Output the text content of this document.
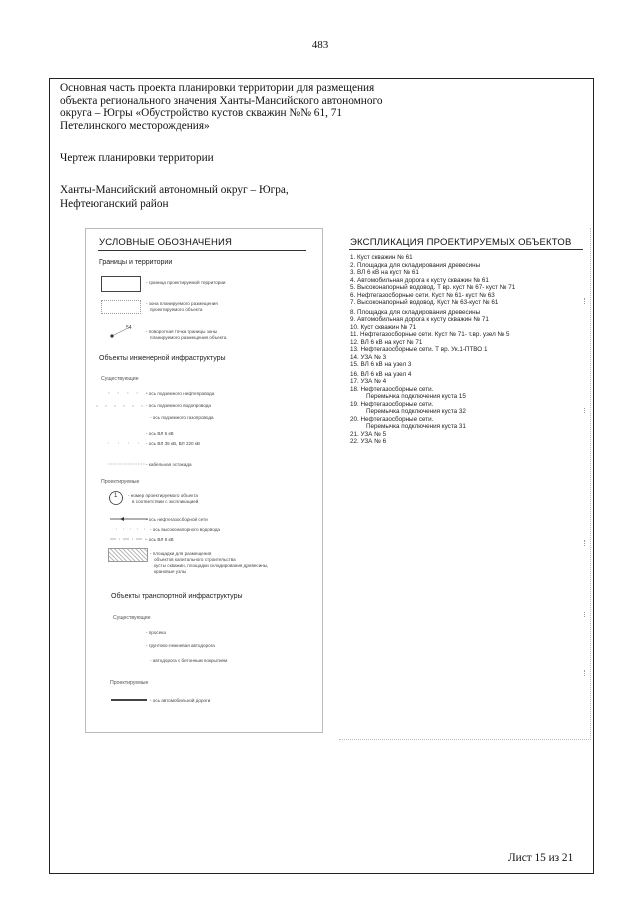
483
Основная часть проекта планировки территории для размещения
объекта регионального значения Ханты-Мансийского автономного
округа – Югры «Обустройство кустов скважин №№ 61, 71
Петелинского месторождения»
Чертеж планировки территории
Ханты-Мансийский автономный округ – Югра,
Нефтеюганский район
УСЛОВНЫЕ ОБОЗНАЧЕНИЯ
Границы и территории
- граница проектируемой территории
- зона планируемого размещения
проектируемого объекта
54
- поворотная точка границы зоны
планируемого размещения объекта
Объекты инженерной инфраструктуры
Существующие
- ось подземного нефтепровода
- ось подземного водопровода
- ось подземного газопровода
- ось ВЛ 6 кВ
- ось ВЛ 35 кВ, ВЛ 220 кВ
- кабельная эстакада
Проектируемые
1 - номер проектируемого объекта
в соответствии с экспликацией
- ось нефтегазосборной сети
- ось высоконапорного водовода
- ось ВЛ 6 кВ
- площадки для размещения
объектов капитального строительства
кусты скважин, площадки складирования древесины,
крановые узлы
Объекты транспортной инфраструктуры
Существующие
- просека
- грунтово-лежневая автодорога
- автодорога с бетонным покрытием
Проектируемые
- ось автомобильной дороги
ЭКСПЛИКАЦИЯ ПРОЕКТИРУЕМЫХ ОБЪЕКТОВ
1. Куст скважин № 61
2. Площадка для складирования древесины
3. ВЛ 6 кВ на куст № 61
4. Автомобильная дорога к кусту скважин № 61
5. Высоконапорный водовод. Т вр. куст № 67- куст № 71
6. Нефтегазосборные сети. Куст № 61- куст № 63
7. Высоконапорный водовод. Куст № 63-куст № 61
8. Площадка для складирования древесины
9. Автомобильная дорога к кусту скважин № 71
10. Куст скважин № 71
11. Нефтегазосборные сети. Куст № 71- т.вр. узел № 5
12. ВЛ 6 кВ на куст № 71
13. Нефтегазосборные сети. Т вр. Ук.1-ПТВО 1
14. УЗА № 3
15. ВЛ 6 кВ на узел 3
16. ВЛ 6 кВ на узел 4
17. УЗА № 4
18. Нефтегазосборные сети.
Перемычка подключения куста 15
19. Нефтегазосборные сети.
Перемычка подключения куста 32
20. Нефтегазосборные сети.
Перемычка подключения куста 31
21. УЗА № 5
22. УЗА № 6
Лист 15 из 21
